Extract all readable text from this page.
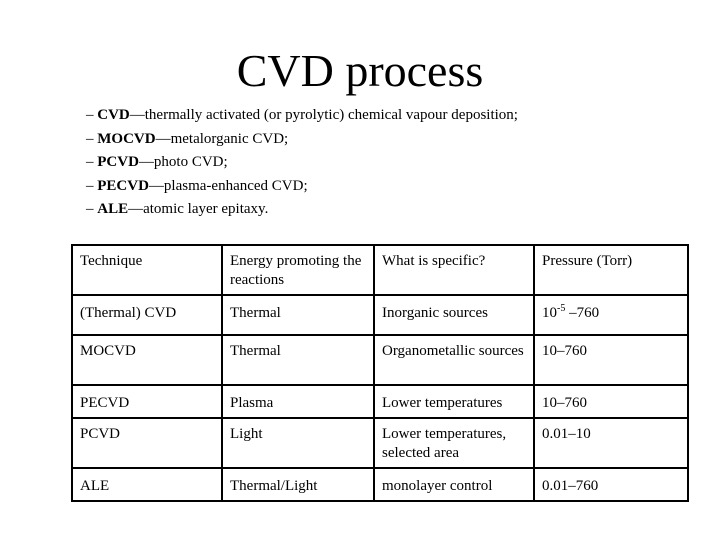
CVD process
– CVD—thermally activated (or pyrolytic) chemical vapour deposition;
– MOCVD—metalorganic CVD;
– PCVD—photo CVD;
– PECVD—plasma-enhanced CVD;
– ALE—atomic layer epitaxy.
Technique	Energy promoting the reactions	What is specific?	Pressure (Torr)
(Thermal) CVD	Thermal	Inorganic sources	$10^{-5}$ –760
MOCVD	Thermal	Organometallic sources	10–760
PECVD	Plasma	Lower temperatures	10–760
PCVD	Light	Lower temperatures, selected area	0.01–10
ALE	Thermal/Light	monolayer control	0.01–760
